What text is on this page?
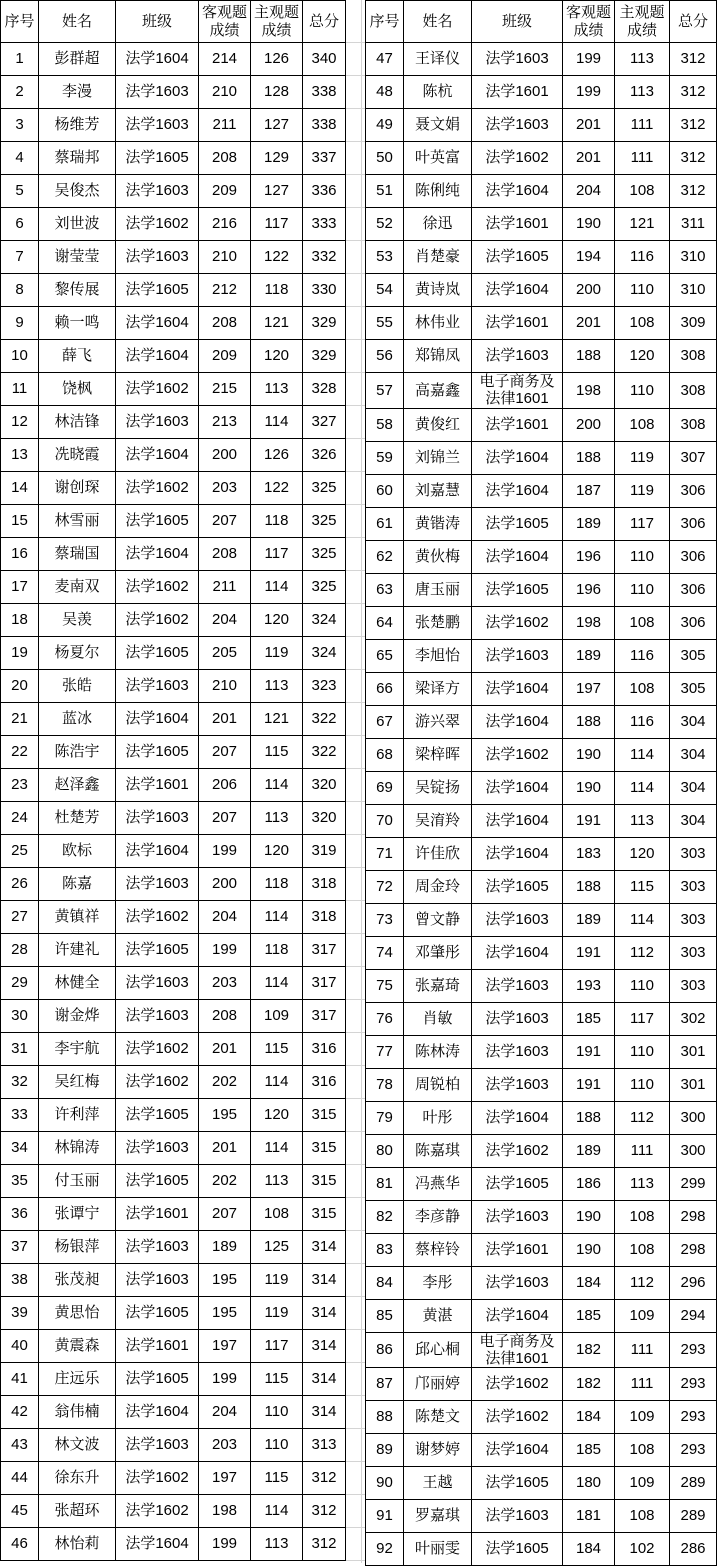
序号	姓名	班级	客观题成绩	主观题成绩	总分
1	彭群超	法学1604	214	126	340
2	李漫	法学1603	210	128	338
3	杨维芳	法学1603	211	127	338
4	蔡瑞邦	法学1605	208	129	337
5	吴俊杰	法学1603	209	127	336
6	刘世波	法学1602	216	117	333
7	谢莹莹	法学1603	210	122	332
8	黎传展	法学1605	212	118	330
9	赖一鸣	法学1604	208	121	329
10	薛飞	法学1604	209	120	329
11	饶枫	法学1602	215	113	328
12	林洁锋	法学1603	213	114	327
13	冼晓霞	法学1604	200	126	326
14	谢创琛	法学1602	203	122	325
15	林雪丽	法学1605	207	118	325
16	蔡瑞国	法学1604	208	117	325
17	麦南双	法学1602	211	114	325
18	吴羡	法学1602	204	120	324
19	杨夏尔	法学1605	205	119	324
20	张皓	法学1603	210	113	323
21	蓝冰	法学1604	201	121	322
22	陈浩宇	法学1605	207	115	322
23	赵泽鑫	法学1601	206	114	320
24	杜楚芳	法学1603	207	113	320
25	欧标	法学1604	199	120	319
26	陈嘉	法学1603	200	118	318
27	黄镇祥	法学1602	204	114	318
28	许建礼	法学1605	199	118	317
29	林健全	法学1603	203	114	317
30	谢金烨	法学1603	208	109	317
31	李宇航	法学1602	201	115	316
32	吴红梅	法学1602	202	114	316
33	许利萍	法学1605	195	120	315
34	林锦涛	法学1603	201	114	315
35	付玉丽	法学1605	202	113	315
36	张谭宁	法学1601	207	108	315
37	杨银萍	法学1603	189	125	314
38	张茂昶	法学1603	195	119	314
39	黄思怡	法学1605	195	119	314
40	黄震森	法学1601	197	117	314
41	庄远乐	法学1605	199	115	314
42	翁伟楠	法学1604	204	110	314
43	林文波	法学1603	203	110	313
44	徐东升	法学1602	197	115	312
45	张超环	法学1602	198	114	312
46	林怡莉	法学1604	199	113	312
序号	姓名	班级	客观题成绩	主观题成绩	总分
47	王译仪	法学1603	199	113	312
48	陈杭	法学1601	199	113	312
49	聂文娟	法学1603	201	111	312
50	叶英富	法学1602	201	111	312
51	陈俐纯	法学1604	204	108	312
52	徐迅	法学1601	190	121	311
53	肖楚豪	法学1605	194	116	310
54	黄诗岚	法学1604	200	110	310
55	林伟业	法学1601	201	108	309
56	郑锦凤	法学1603	188	120	308
57	高嘉鑫	电子商务及法律1601	198	110	308
58	黄俊红	法学1601	200	108	308
59	刘锦兰	法学1604	188	119	307
60	刘嘉慧	法学1604	187	119	306
61	黄锴涛	法学1605	189	117	306
62	黄伙梅	法学1604	196	110	306
63	唐玉丽	法学1605	196	110	306
64	张楚鹏	法学1602	198	108	306
65	李旭怡	法学1603	189	116	305
66	梁译方	法学1604	197	108	305
67	游兴翠	法学1604	188	116	304
68	梁梓晖	法学1602	190	114	304
69	吴锭扬	法学1604	190	114	304
70	吴淯羚	法学1604	191	113	304
71	许佳欣	法学1604	183	120	303
72	周金玲	法学1605	188	115	303
73	曾文静	法学1603	189	114	303
74	邓肇彤	法学1604	191	112	303
75	张嘉琦	法学1603	193	110	303
76	肖敏	法学1603	185	117	302
77	陈林涛	法学1603	191	110	301
78	周锐柏	法学1603	191	110	301
79	叶彤	法学1604	188	112	300
80	陈嘉琪	法学1602	189	111	300
81	冯燕华	法学1605	186	113	299
82	李彦静	法学1603	190	108	298
83	蔡梓铃	法学1601	190	108	298
84	李彤	法学1603	184	112	296
85	黄湛	法学1604	185	109	294
86	邱心桐	电子商务及法律1601	182	111	293
87	邝丽婷	法学1602	182	111	293
88	陈楚文	法学1602	184	109	293
89	谢梦婷	法学1604	185	108	293
90	王越	法学1605	180	109	289
91	罗嘉琪	法学1603	181	108	289
92	叶丽雯	法学1605	184	102	286
